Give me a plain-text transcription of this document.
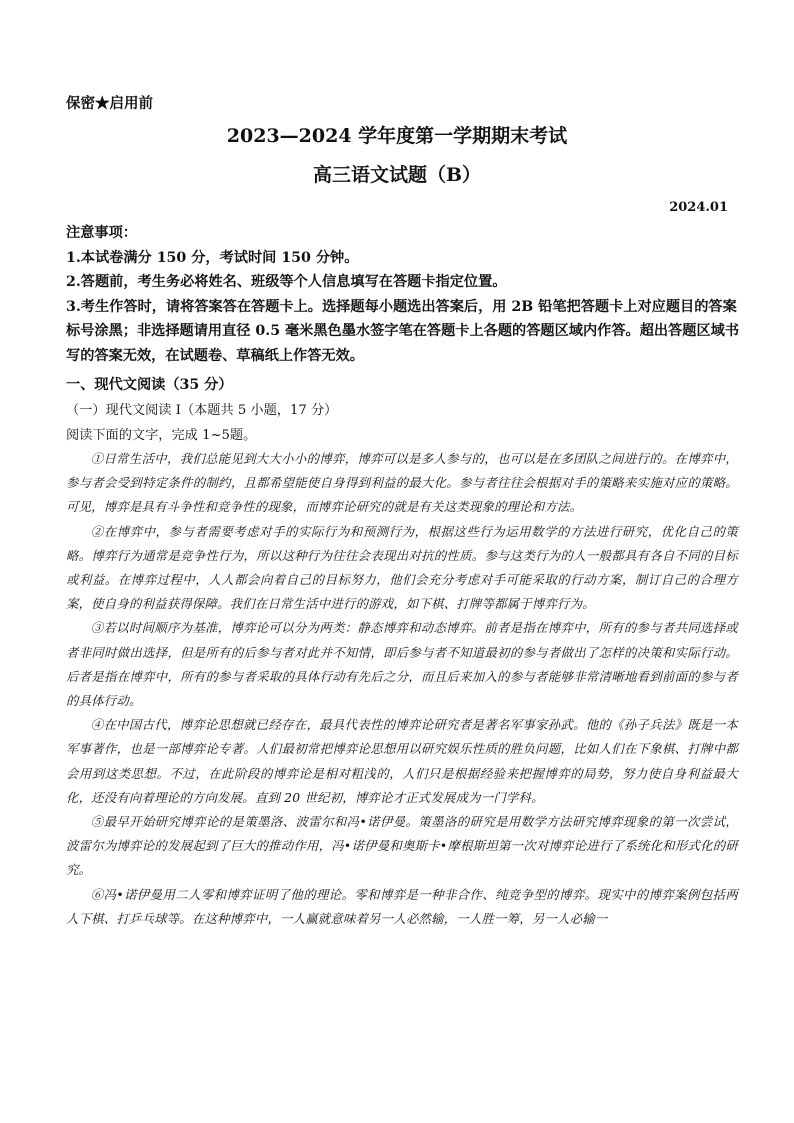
保密★启用前
2023—2024 学年度第一学期期末考试
高三语文试题（B）
2024.01
注意事项：
1.本试卷满分 150 分，考试时间 150 分钟。
2.答题前，考生务必将姓名、班级等个人信息填写在答题卡指定位置。
3.考生作答时，请将答案答在答题卡上。选择题每小题选出答案后，用 2B 铅笔把答题卡上对应题目的答案标号涂黑；非选择题请用直径 0.5 毫米黑色墨水签字笔在答题卡上各题的答题区域内作答。超出答题区域书写的答案无效，在试题卷、草稿纸上作答无效。
一、现代文阅读（35 分）
（一）现代文阅读 I（本题共 5 小题，17 分）
阅读下面的文字，完成 1~5题。

①日常生活中，我们总能见到大大小小的博弈，博弈可以是多人参与的，也可以是在多团队之间进行的。在博弈中，参与者会受到特定条件的制约，且都希望能使自身得到利益的最大化。参与者往往会根据对手的策略来实施对应的策略。可见，博弈是具有斗争性和竞争性的现象，而博弈论研究的就是有关这类现象的理论和方法。

②在博弈中，参与者需要考虑对手的实际行为和预测行为，根据这些行为运用数学的方法进行研究，优化自己的策略。博弈行为通常是竞争性行为，所以这种行为往往会表现出对抗的性质。参与这类行为的人一般都具有各自不同的目标或利益。在博弈过程中，人人都会向着自己的目标努力，他们会充分考虑对手可能采取的行动方案，制订自己的合理方案，使自身的利益获得保障。我们在日常生活中进行的游戏，如下棋、打牌等都属于博弈行为。

③若以时间顺序为基准，博弈论可以分为两类：静态博弈和动态博弈。前者是指在博弈中，所有的参与者共同选择或者非同时做出选择，但是所有的后参与者对此并不知情，即后参与者不知道最初的参与者做出了怎样的决策和实际行动。后者是指在博弈中，所有的参与者采取的具体行动有先后之分，而且后来加入的参与者能够非常清晰地看到前面的参与者的具体行动。

④在中国古代，博弈论思想就已经存在，最具代表性的博弈论研究者是著名军事家孙武。他的《孙子兵法》既是一本军事著作，也是一部博弈论专著。人们最初常把博弈论思想用以研究娱乐性质的胜负问题，比如人们在下象棋、打牌中都会用到这类思想。不过，在此阶段的博弈论是相对粗浅的，人们只是根据经验来把握博弈的局势，努力使自身利益最大化，还没有向着理论的方向发展。直到 20 世纪初，博弈论才正式发展成为一门学科。

⑤最早开始研究博弈论的是策墨洛、波雷尔和冯•诺伊曼。策墨洛的研究是用数学方法研究博弈现象的第一次尝试，波雷尔为博弈论的发展起到了巨大的推动作用，冯•诺伊曼和奥斯卡•摩根斯坦第一次对博弈论进行了系统化和形式化的研究。

⑥冯•诺伊曼用二人零和博弈证明了他的理论。零和博弈是一种非合作、纯竞争型的博弈。现实中的博弈案例包括两人下棋、打乒乓球等。在这种博弈中，一人赢就意味着另一人必然输，一人胜一筹，另一人必输一
